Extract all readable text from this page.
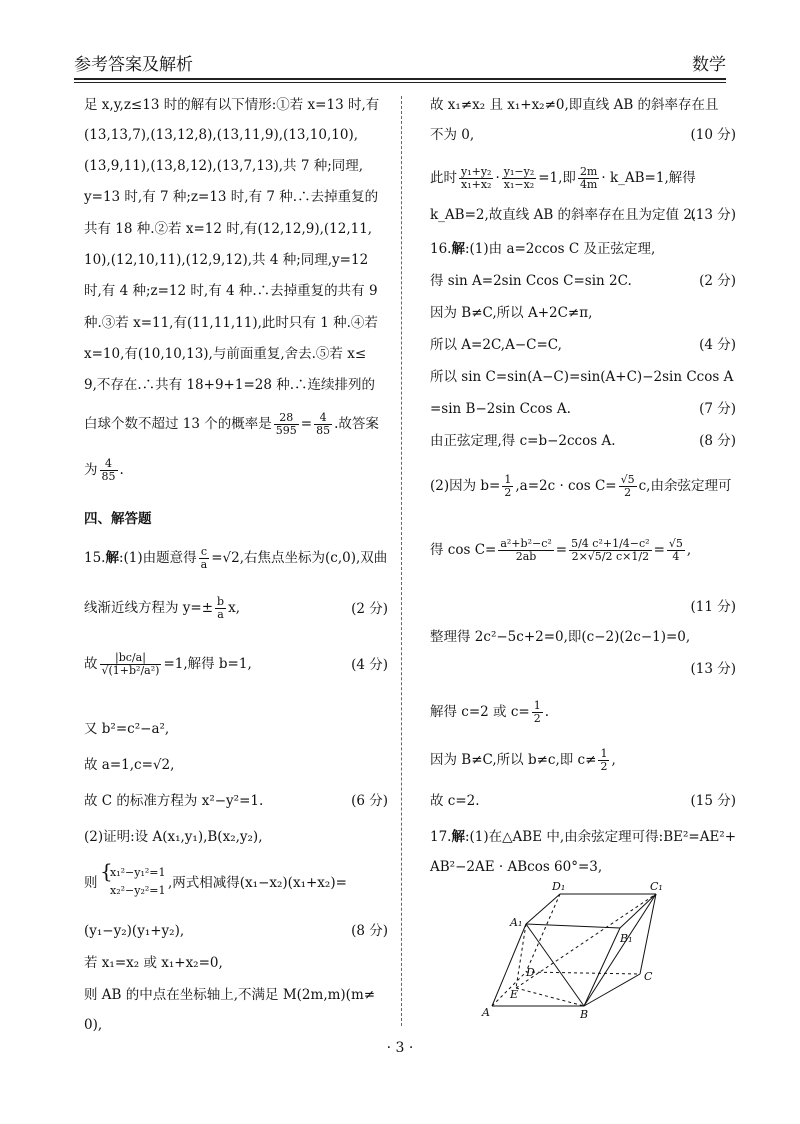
参考答案及解析	数学
足 x,y,z≤13 时的解有以下情形:①若 x=13 时,有
(13,13,7),(13,12,8),(13,11,9),(13,10,10),
(13,9,11),(13,8,12),(13,7,13),共 7 种;同理,
y=13 时,有 7 种;z=13 时,有 7 种.∴去掉重复的
共有 18 种.②若 x=12 时,有(12,12,9),(12,11,
10),(12,10,11),(12,9,12),共 4 种;同理,y=12
时,有 4 种;z=12 时,有 4 种.∴去掉重复的共有 9
种.③若 x=11,有(11,11,11),此时只有 1 种.④若
x=10,有(10,10,13),与前面重复,舍去.⑤若 x≤
9,不存在.∴共有 18+9+1=28 种.∴连续排列的
白球个数不超过 13 个的概率是 $\frac{28}{595} = \frac{4}{85}$ .故答案
为 $\frac{4}{85}$ .
四、解答题
15.解:(1)由题意得 $\frac{c}{a} =√2$,右焦点坐标为(c,0),双曲
线渐近线方程为 $y=\pm \frac{b}{a} x$,	(2 分)
故 $\frac{|bc/a|}{\text{√(1+b²/a²)}} =1$,解得 b=1,	(4 分)
又 b²=c²−a²,
故 a=1,c=√2,
故 C 的标准方程为 x²−y²=1.	(6 分)
(2)证明:设 A(x₁,y₁),B(x₂,y₂),
则 {
x₁²−y₁²=1
x₂²−y₂²=1 ,两式相减得(x₁−x₂)(x₁+x₂)=
(y₁−y₂)(y₁+y₂),	(8 分)
若 x₁=x₂ 或 x₁+x₂=0,
则 AB 的中点在坐标轴上,不满足 M(2m,m)(m≠
0),
故 x₁≠x₂ 且 x₁+x₂≠0,即直线 AB 的斜率存在且
不为 0,	(10 分)
此时 $\frac{\text{y₁+y₂}}{\text{x₁+x₂}} \cdot \frac{\text{y₁−y₂}}{\text{x₁−x₂}} =1$,即 $\frac{2m}{4m}$ · k_AB=1,解得
k_AB=2,故直线 AB 的斜率存在且为定值 2.
(13 分)
16.解:(1)由 a=2ccos C 及正弦定理,
得 sin A=2sin Ccos C=sin 2C.	(2 分)
因为 B≠C,所以 A+2C≠π,
所以 A=2C,A−C=C,	(4 分)
所以 sin C=sin(A−C)=sin(A+C)−2sin Ccos A
=sin B−2sin Ccos A.	(7 分)
由正弦定理,得 c=b−2ccos A.	(8 分)
(2)因为 $b= \frac{1}{2} ,a=2c \cdot \cos C= \frac{√5}{2} c$,由余弦定理可
得 $\cos C= \frac{\text{a²+b²−c²}}{2ab} = \frac{\text{5/4 c²+1/4−c²}}{2\times√5/2 c\times 1/2} = \frac{√5}{4}$ ,
(11 分)
整理得 2c²−5c+2=0,即(c−2)(2c−1)=0,
(13 分)
解得 c=2 或 $c= \frac{1}{2}$ .
因为 B≠C,所以 b≠c,即 $c\ne \frac{1}{2}$ ,
故 c=2.	(15 分)
17.解:(1)在△ABE 中,由余弦定理可得:BE²=AE²+
AB²−2AE · ABcos 60°=3,
D₁	C₁
A₁
B₁
D	C
E
A	B
· 3 ·
